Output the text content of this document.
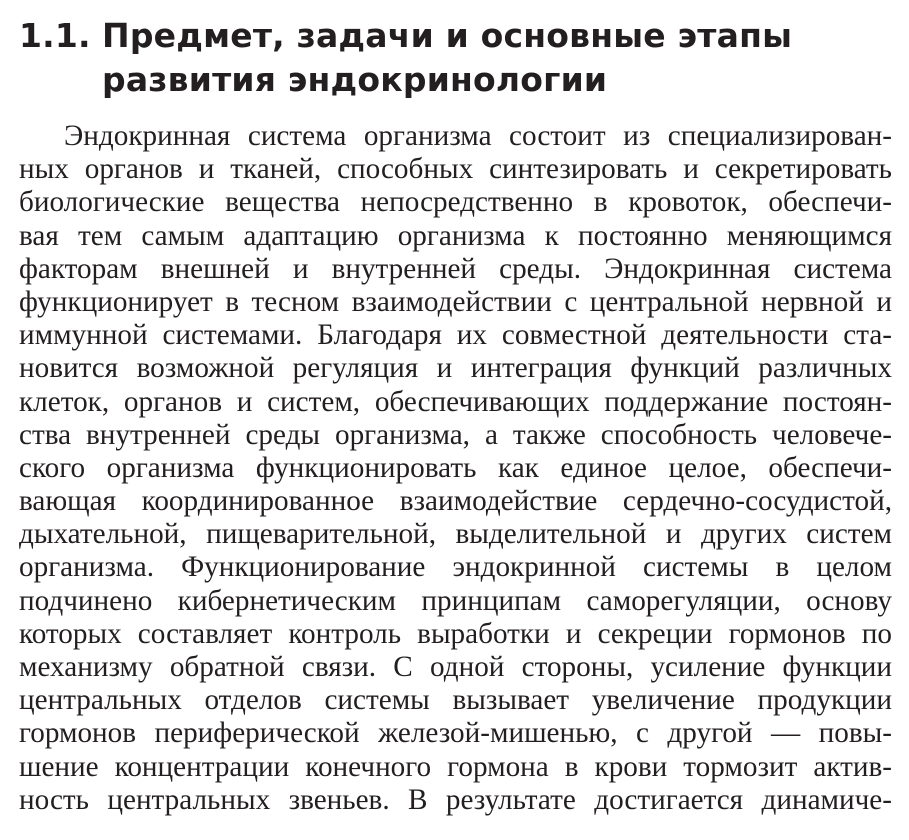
1.1. Предмет, задачи и основные этапы
развития эндокринологии
Эндокринная система организма состоит из специализирован-
ных органов и тканей, способных синтезировать и секретировать
биологические вещества непосредственно в кровоток, обеспечи-
вая тем самым адаптацию организма к постоянно меняющимся
факторам внешней и внутренней среды. Эндокринная система
функционирует в тесном взаимодействии с центральной нервной и
иммунной системами. Благодаря их совместной деятельности ста-
новится возможной регуляция и интеграция функций различных
клеток, органов и систем, обеспечивающих поддержание постоян-
ства внутренней среды организма, а также способность человече-
ского организма функционировать как единое целое, обеспечи-
вающая координированное взаимодействие сердечно-сосудистой,
дыхательной, пищеварительной, выделительной и других систем
организма. Функционирование эндокринной системы в целом
подчинено кибернетическим принципам саморегуляции, основу
которых составляет контроль выработки и секреции гормонов по
механизму обратной связи. С одной стороны, усиление функции
центральных отделов системы вызывает увеличение продукции
гормонов периферической железой-мишенью, с другой — повы-
шение концентрации конечного гормона в крови тормозит актив-
ность центральных звеньев. В результате достигается динамиче-
